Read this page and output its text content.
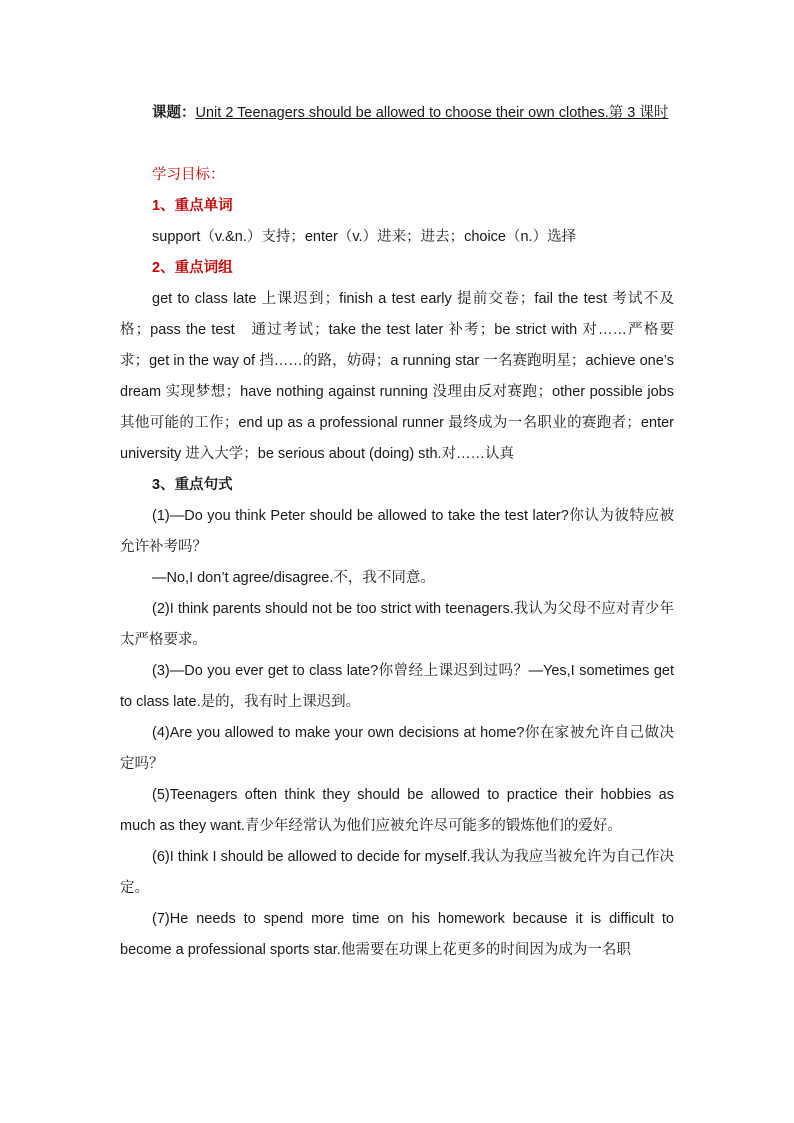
课题：Unit 2 Teenagers should be allowed to choose their own clothes.第 3 课时

学习目标：

1、重点单词

support（v.&n.）支持；enter（v.）进来；进去；choice（n.）选择

2、重点词组

get to class late 上课迟到；finish a test early 提前交卷；fail the test 考试不及格；pass the test　通过考试；take the test later 补考；be strict with 对……严格要求；get in the way of 挡……的路，妨碍；a running star 一名赛跑明星；achieve one’s dream 实现梦想；have nothing against running 没理由反对赛跑；other possible jobs 其他可能的工作；end up as a professional runner 最终成为一名职业的赛跑者；enter university 进入大学；be serious about (doing) sth.对……认真

3、重点句式

(1)—Do you think Peter should be allowed to take the test later?你认为彼特应被允许补考吗？

—No,I don’t agree/disagree.不，我不同意。

(2)I think parents should not be too strict with teenagers.我认为父母不应对青少年太严格要求。

(3)—Do you ever get to class late?你曾经上课迟到过吗？—Yes,I sometimes get to class late.是的，我有时上课迟到。

(4)Are you allowed to make your own decisions at home?你在家被允许自己做决定吗？

(5)Teenagers often think they should be allowed to practice their hobbies as much as they want.青少年经常认为他们应被允许尽可能多的锻炼他们的爱好。

(6)I think I should be allowed to decide for myself.我认为我应当被允许为自己作决定。

(7)He needs to spend more time on his homework because it is difficult to become a professional sports star.他需要在功课上花更多的时间因为成为一名职
